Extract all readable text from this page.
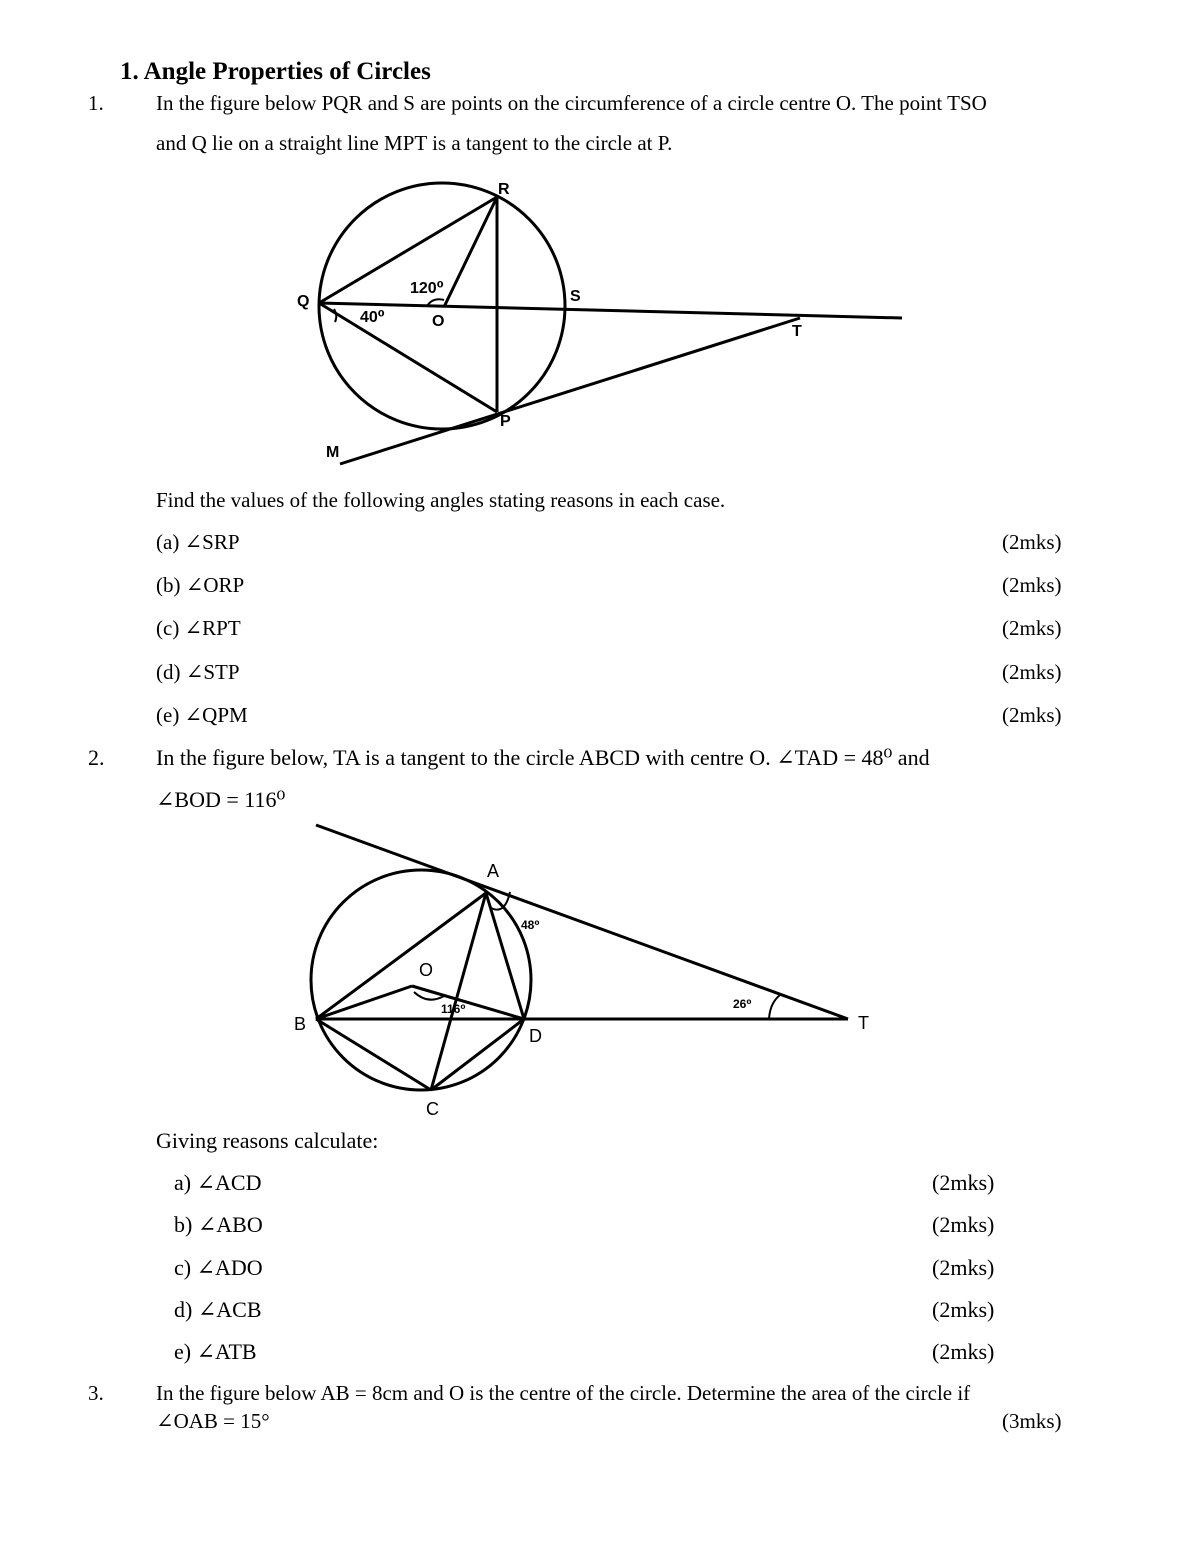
1. Angle Properties of Circles
1. In the figure below PQR and S are points on the circumference of a circle centre O. The point TSO
and Q lie on a straight line MPT is a tangent to the circle at P.
R
Q	S
T
P
M
O
120⁰
40⁰
Find the values of the following angles stating reasons in each case.
(a) ∠SRP	(2mks)
(b) ∠ORP	(2mks)
(c) ∠RPT	(2mks)
(d) ∠STP	(2mks)
(e) ∠QPM	(2mks)
2. In the figure below, TA is a tangent to the circle ABCD with centre O. ∠TAD = 48⁰ and
∠BOD = 116⁰
A
B
C
D
O
T
48⁰
116⁰	26⁰
Giving reasons calculate:
a) ∠ACD	(2mks)
b) ∠ABO	(2mks)
c) ∠ADO	(2mks)
d) ∠ACB	(2mks)
e) ∠ATB	(2mks)
3. In the figure below AB = 8cm and O is the centre of the circle. Determine the area of the circle if
∠OAB = 15°	(3mks)
